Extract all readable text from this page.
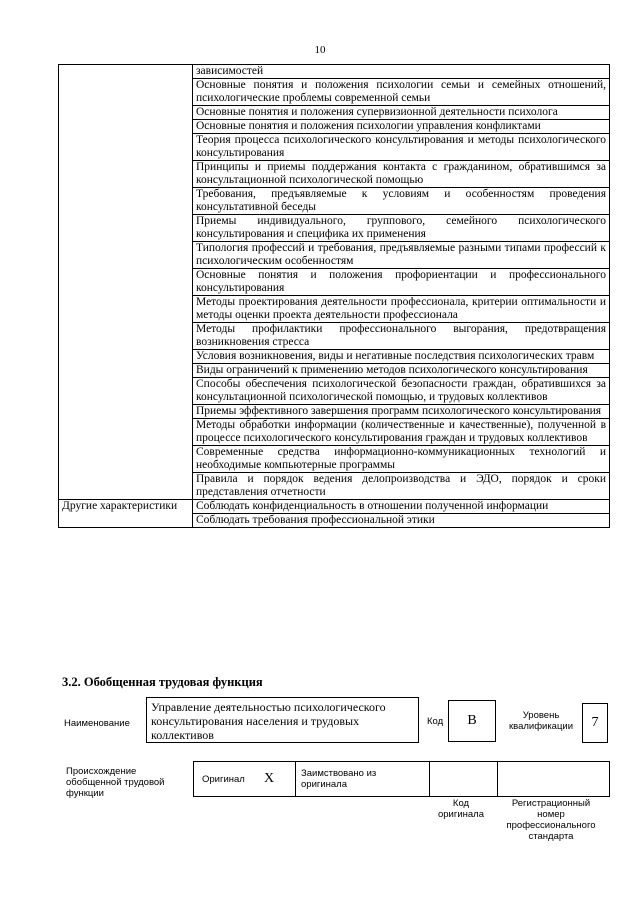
10
	зависимостей
	Основные понятия и положения психологии семьи и семейных отношений, психологические проблемы современной семьи
	Основные понятия и положения супервизионной деятельности психолога
	Основные понятия и положения психологии управления конфликтами
	Теория процесса психологического консультирования и методы психологического консультирования
	Принципы и приемы поддержания контакта с гражданином, обратившимся за консультационной психологической помощью
	Требования, предъявляемые к условиям и особенностям проведения консультативной беседы
	Приемы индивидуального, группового, семейного психологического консультирования и специфика их применения
	Типология профессий и требования, предъявляемые разными типами профессий к психологическим особенностям
	Основные понятия и положения профориентации и профессионального консультирования
	Методы проектирования деятельности профессионала, критерии оптимальности и методы оценки проекта деятельности профессионала
	Методы профилактики профессионального выгорания, предотвращения возникновения стресса
	Условия возникновения, виды и негативные последствия психологических травм
	Виды ограничений к применению методов психологического консультирования
	Способы обеспечения психологической безопасности граждан, обратившихся за консультационной психологической помощью, и трудовых коллективов
	Приемы эффективного завершения программ психологического консультирования
	Методы обработки информации (количественные и качественные), полученной в процессе психологического консультирования граждан и трудовых коллективов
	Современные средства информационно-коммуникационных технологий и необходимые компьютерные программы
	Правила и порядок ведения делопроизводства и ЭДО, порядок и сроки представления отчетности
Другие характеристики	Соблюдать конфиденциальность в отношении полученной информации
	Соблюдать требования профессиональной этики
3.2. Обобщенная трудовая функция
Наименование
Управление деятельностью психологического консультирования населения и трудовых коллективов
Код	B	Уровень квалификации	7
Происхождение обобщенной трудовой функции
Оригинал X	Заимствовано из оригинала
Код оригинала
Регистрационный номер профессионального стандарта
